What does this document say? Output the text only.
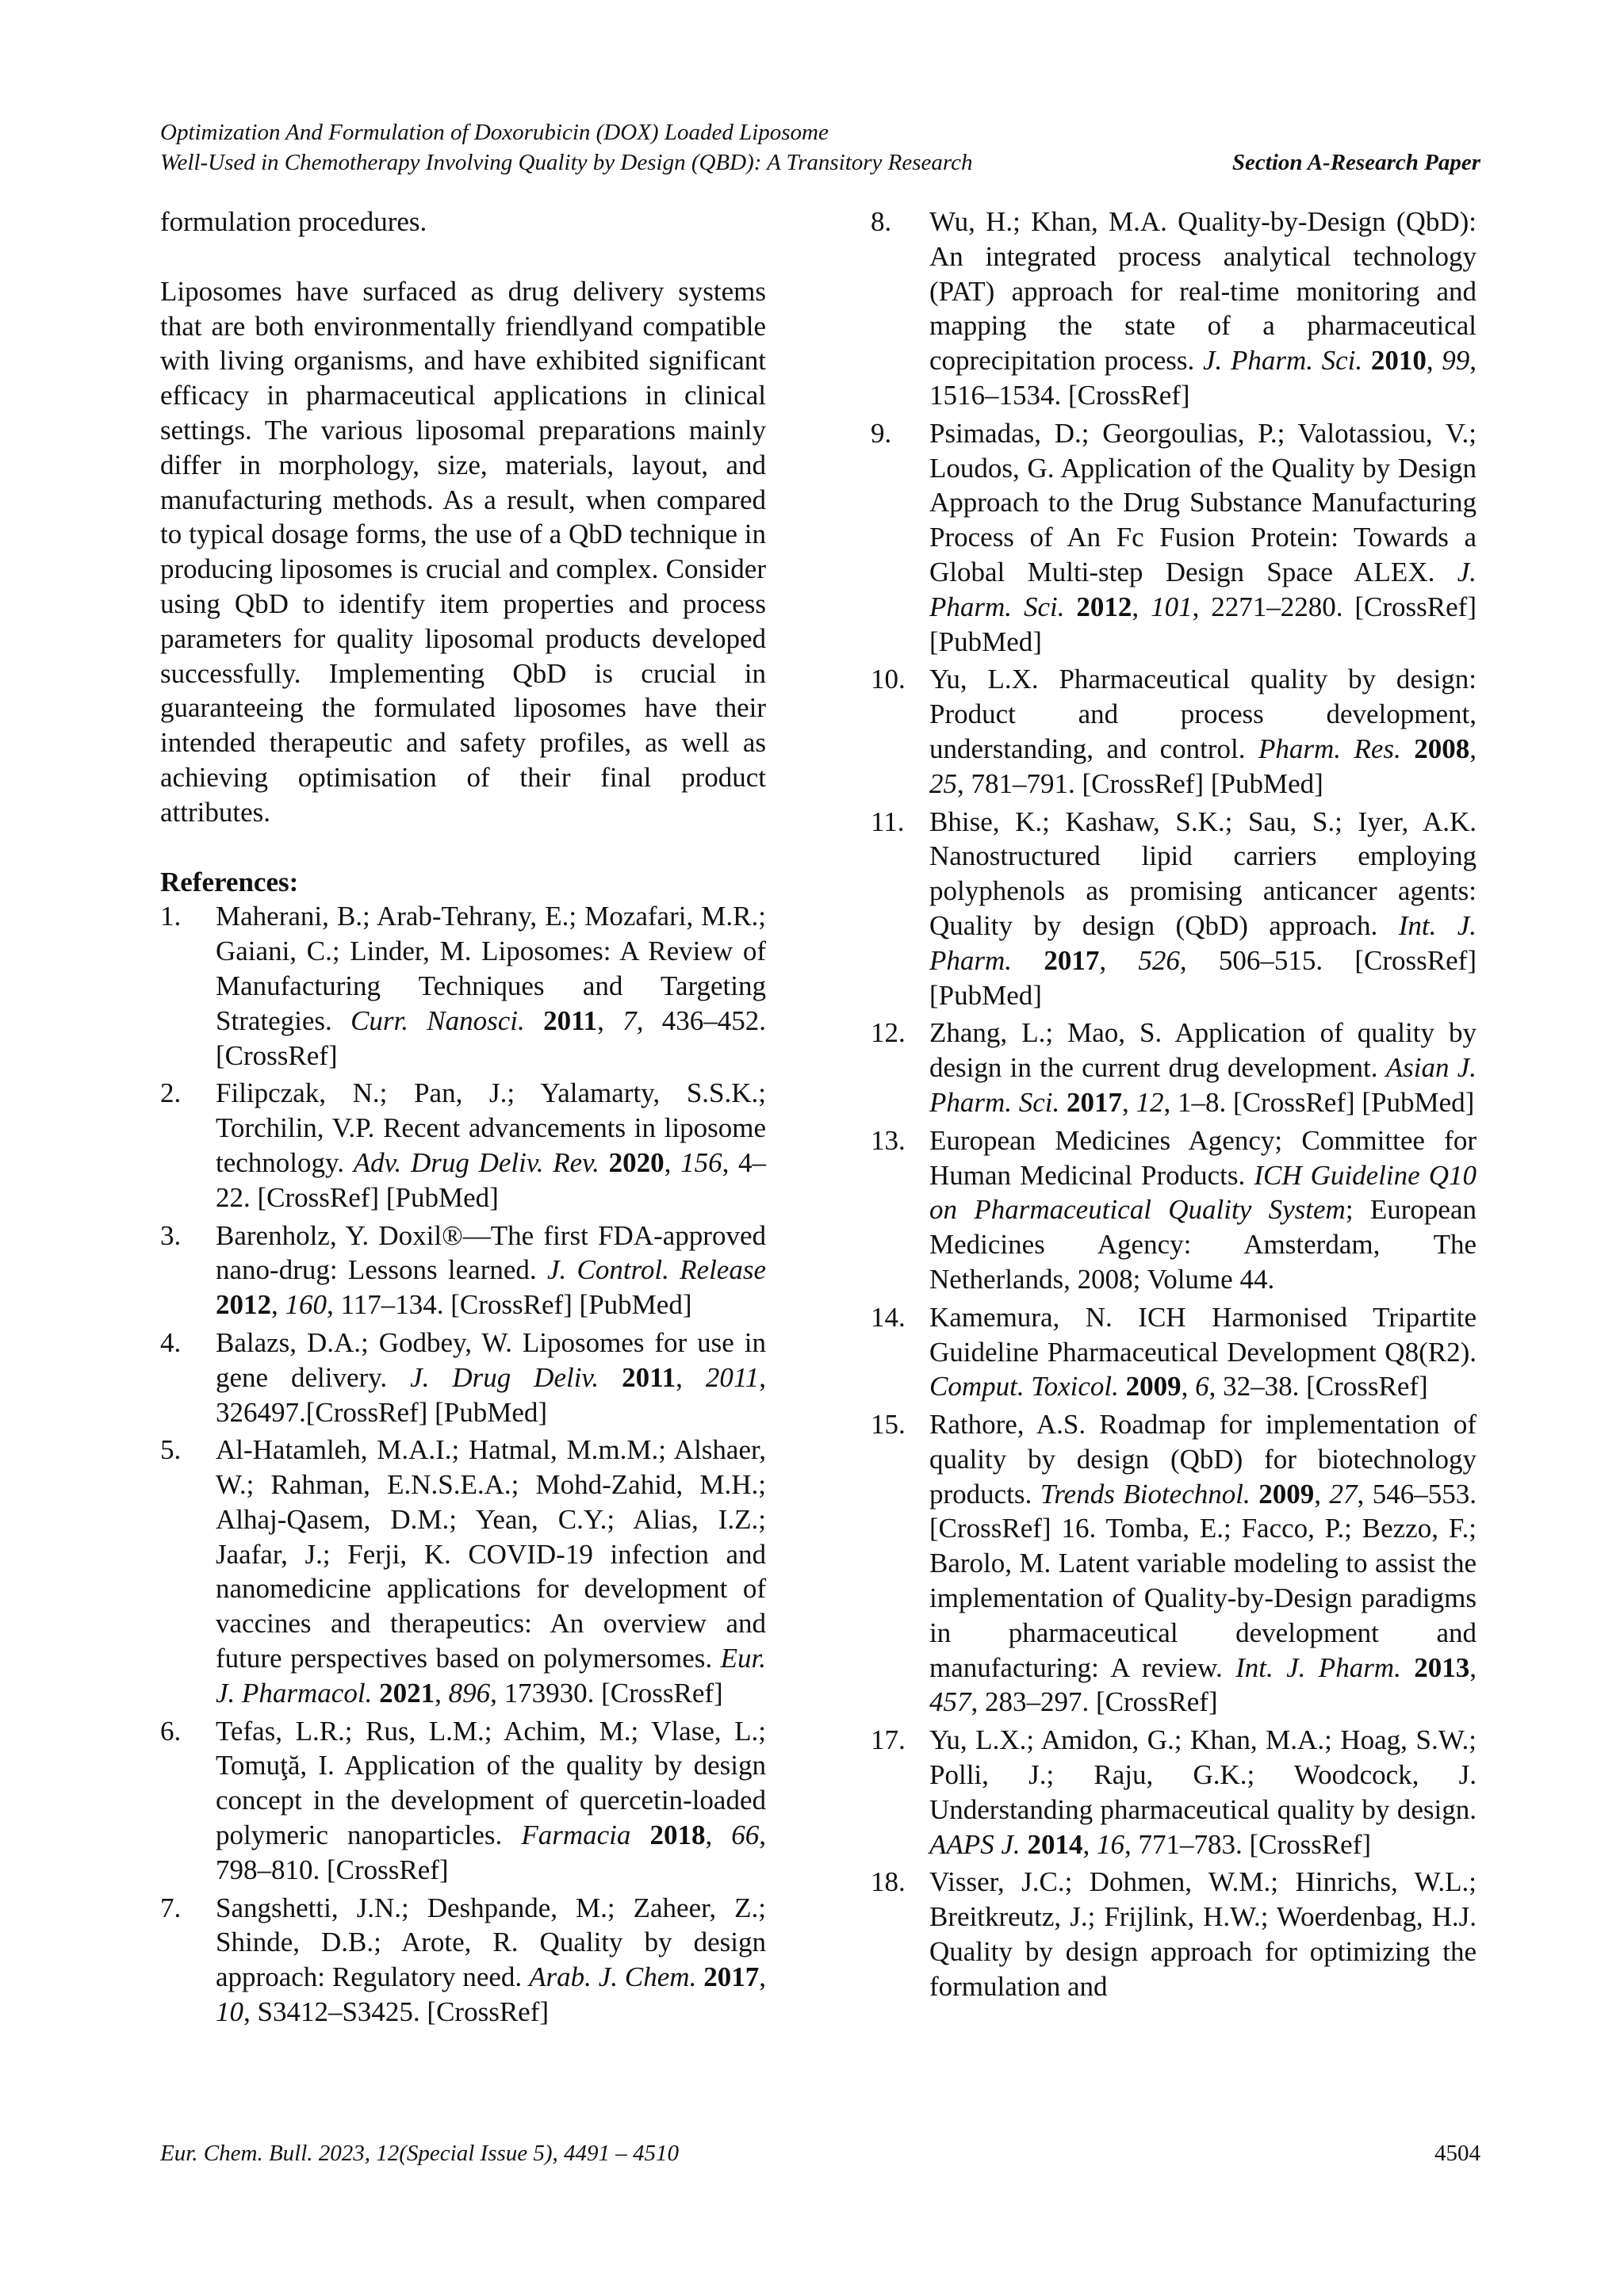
Optimization And Formulation of Doxorubicin (DOX) Loaded Liposome
Well-Used in Chemotherapy Involving Quality by Design (QBD): A Transitory Research	Section A-Research Paper

formulation procedures.

Liposomes have surfaced as drug delivery systems that are both environmentally friendlyand compatible with living organisms, and have exhibited significant efficacy in pharmaceutical applications in clinical settings. The various liposomal preparations mainly differ in morphology, size, materials, layout, and manufacturing methods. As a result, when compared to typical dosage forms, the use of a QbD technique in producing liposomes is crucial and complex. Consider using QbD to identify item properties and process parameters for quality liposomal products developed successfully. Implementing QbD is crucial in guaranteeing the formulated liposomes have their intended therapeutic and safety profiles, as well as achieving optimisation of their final product attributes.

References:

1. Maherani, B.; Arab-Tehrany, E.; Mozafari, M.R.; Gaiani, C.; Linder, M. Liposomes: A Review of Manufacturing Techniques and Targeting Strategies. Curr. Nanosci. 2011, 7, 436–452. [CrossRef]
2. Filipczak, N.; Pan, J.; Yalamarty, S.S.K.; Torchilin, V.P. Recent advancements in liposome technology. Adv. Drug Deliv. Rev. 2020, 156, 4–22. [CrossRef] [PubMed]
3. Barenholz, Y. Doxil®—The first FDA-approved nano-drug: Lessons learned. J. Control. Release 2012, 160, 117–134. [CrossRef] [PubMed]
4. Balazs, D.A.; Godbey, W. Liposomes for use in gene delivery. J. Drug Deliv. 2011, 2011, 326497.[CrossRef] [PubMed]
5. Al-Hatamleh, M.A.I.; Hatmal, M.m.M.; Alshaer, W.; Rahman, E.N.S.E.A.; Mohd-Zahid, M.H.; Alhaj-Qasem, D.M.; Yean, C.Y.; Alias, I.Z.; Jaafar, J.; Ferji, K. COVID-19 infection and nanomedicine applications for development of vaccines and therapeutics: An overview and future perspectives based on polymersomes. Eur. J. Pharmacol. 2021, 896, 173930. [CrossRef]
6. Tefas, L.R.; Rus, L.M.; Achim, M.; Vlase, L.; Tomuţă, I. Application of the quality by design concept in the development of quercetin-loaded polymeric nanoparticles. Farmacia 2018, 66, 798–810. [CrossRef]
7. Sangshetti, J.N.; Deshpande, M.; Zaheer, Z.; Shinde, D.B.; Arote, R. Quality by design approach: Regulatory need. Arab. J. Chem. 2017, 10, S3412–S3425. [CrossRef]
8. Wu, H.; Khan, M.A. Quality-by-Design (QbD): An integrated process analytical technology (PAT) approach for real-time monitoring and mapping the state of a pharmaceutical coprecipitation process. J. Pharm. Sci. 2010, 99, 1516–1534. [CrossRef]
9. Psimadas, D.; Georgoulias, P.; Valotassiou, V.; Loudos, G. Application of the Quality by Design Approach to the Drug Substance Manufacturing Process of An Fc Fusion Protein: Towards a Global Multi-step Design Space ALEX. J. Pharm. Sci. 2012, 101, 2271–2280. [CrossRef] [PubMed]
10. Yu, L.X. Pharmaceutical quality by design: Product and process development, understanding, and control. Pharm. Res. 2008, 25, 781–791. [CrossRef] [PubMed]
11. Bhise, K.; Kashaw, S.K.; Sau, S.; Iyer, A.K. Nanostructured lipid carriers employing polyphenols as promising anticancer agents: Quality by design (QbD) approach. Int. J. Pharm. 2017, 526, 506–515. [CrossRef] [PubMed]
12. Zhang, L.; Mao, S. Application of quality by design in the current drug development. Asian J. Pharm. Sci. 2017, 12, 1–8. [CrossRef] [PubMed]
13. European Medicines Agency; Committee for Human Medicinal Products. ICH Guideline Q10 on Pharmaceutical Quality System; European Medicines Agency: Amsterdam, The Netherlands, 2008; Volume 44.
14. Kamemura, N. ICH Harmonised Tripartite Guideline Pharmaceutical Development Q8(R2). Comput. Toxicol. 2009, 6, 32–38. [CrossRef]
15. Rathore, A.S. Roadmap for implementation of quality by design (QbD) for biotechnology products. Trends Biotechnol. 2009, 27, 546–553. [CrossRef] 16. Tomba, E.; Facco, P.; Bezzo, F.; Barolo, M. Latent variable modeling to assist the implementation of Quality-by-Design paradigms in pharmaceutical development and manufacturing: A review. Int. J. Pharm. 2013, 457, 283–297. [CrossRef]
17. Yu, L.X.; Amidon, G.; Khan, M.A.; Hoag, S.W.; Polli, J.; Raju, G.K.; Woodcock, J. Understanding pharmaceutical quality by design. AAPS J. 2014, 16, 771–783. [CrossRef]
18. Visser, J.C.; Dohmen, W.M.; Hinrichs, W.L.; Breitkreutz, J.; Frijlink, H.W.; Woerdenbag, H.J. Quality by design approach for optimizing the formulation and
Eur. Chem. Bull. 2023, 12(Special Issue 5), 4491 – 4510	4504
